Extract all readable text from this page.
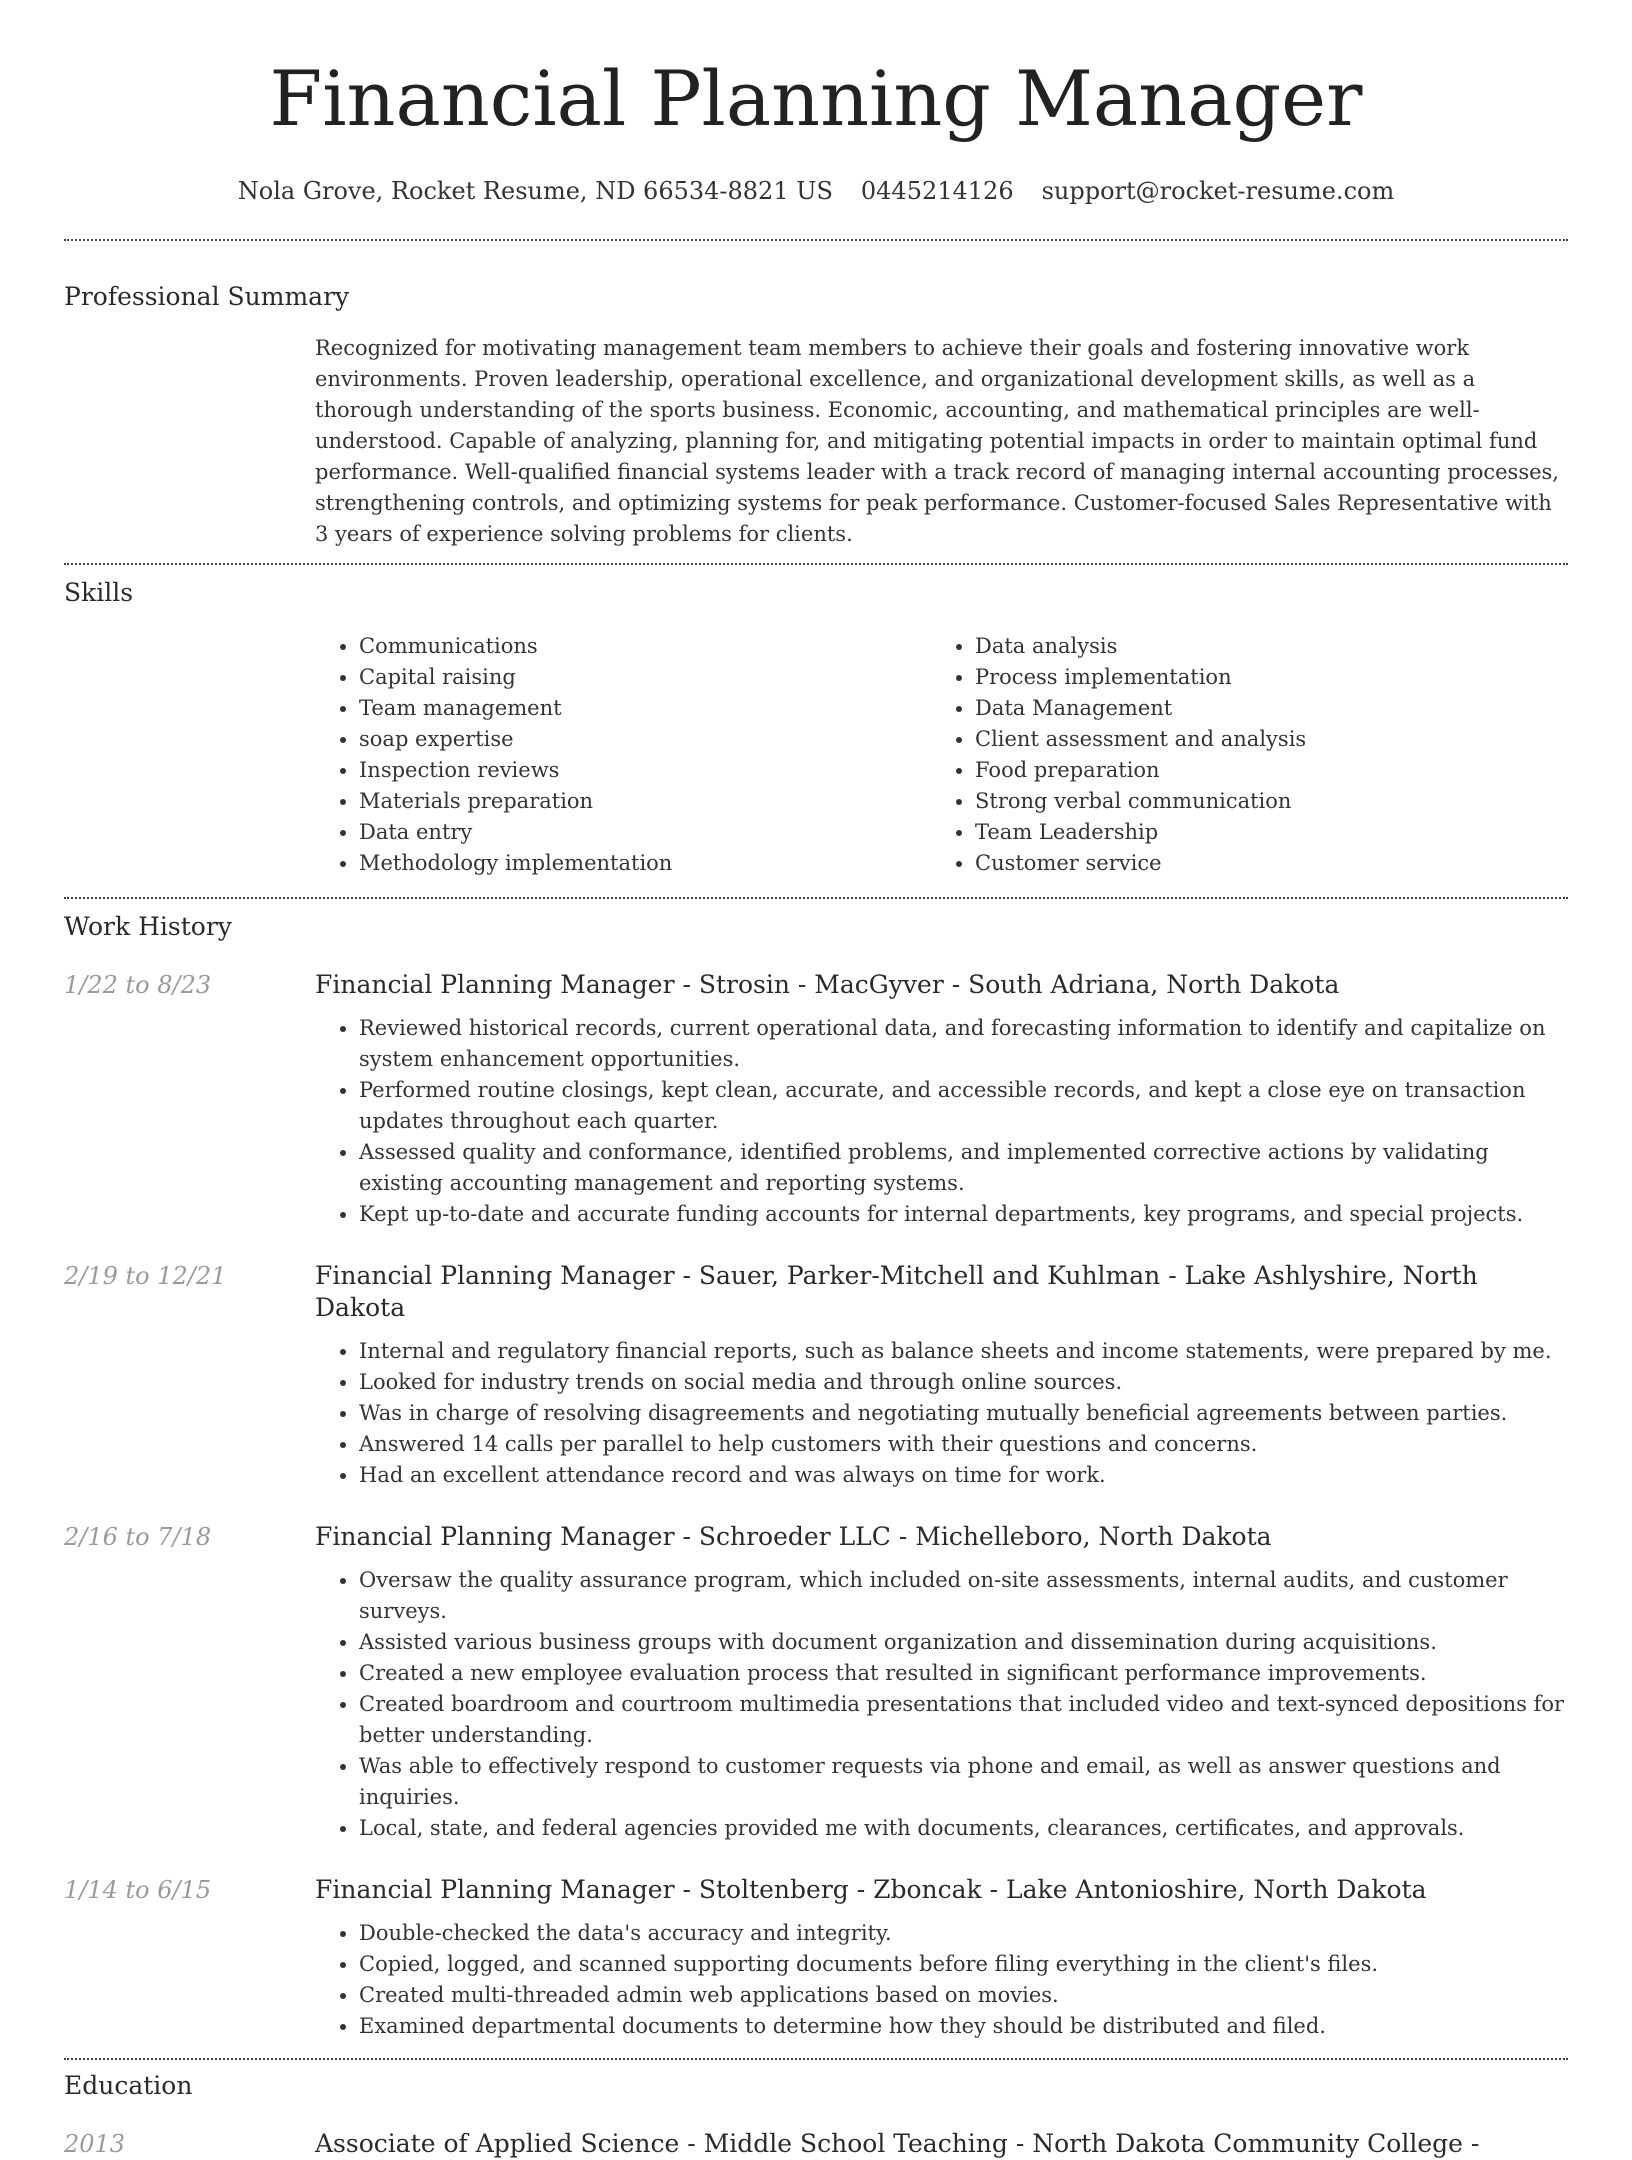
Financial Planning Manager
Nola Grove, Rocket Resume, ND 66534-8821 US 0445214126 support@rocket-resume.com
Professional Summary

Recognized for motivating management team members to achieve their goals and fostering innovative work environments. Proven leadership, operational excellence, and organizational development skills, as well as a thorough understanding of the sports business. Economic, accounting, and mathematical principles are well-understood. Capable of analyzing, planning for, and mitigating potential impacts in order to maintain optimal fund performance. Well-qualified financial systems leader with a track record of managing internal accounting processes, strengthening controls, and optimizing systems for peak performance. Customer-focused Sales Representative with 3 years of experience solving problems for clients.

Skills
• Communications
• Capital raising
• Team management
• soap expertise
• Inspection reviews
• Materials preparation
• Data entry
• Methodology implementation
• Data analysis
• Process implementation
• Data Management
• Client assessment and analysis
• Food preparation
• Strong verbal communication
• Team Leadership
• Customer service
Work History
1/22 to 8/23	Financial Planning Manager - Strosin - MacGyver - South Adriana, North Dakota
• Reviewed historical records, current operational data, and forecasting information to identify and capitalize on system enhancement opportunities.
• Performed routine closings, kept clean, accurate, and accessible records, and kept a close eye on transaction updates throughout each quarter.
• Assessed quality and conformance, identified problems, and implemented corrective actions by validating existing accounting management and reporting systems.
• Kept up-to-date and accurate funding accounts for internal departments, key programs, and special projects.
2/19 to 12/21	Financial Planning Manager - Sauer, Parker-Mitchell and Kuhlman - Lake Ashlyshire, North Dakota
• Internal and regulatory financial reports, such as balance sheets and income statements, were prepared by me.
• Looked for industry trends on social media and through online sources.
• Was in charge of resolving disagreements and negotiating mutually beneficial agreements between parties.
• Answered 14 calls per parallel to help customers with their questions and concerns.
• Had an excellent attendance record and was always on time for work.
2/16 to 7/18	Financial Planning Manager - Schroeder LLC - Michelleboro, North Dakota
• Oversaw the quality assurance program, which included on-site assessments, internal audits, and customer surveys.
• Assisted various business groups with document organization and dissemination during acquisitions.
• Created a new employee evaluation process that resulted in significant performance improvements.
• Created boardroom and courtroom multimedia presentations that included video and text-synced depositions for better understanding.
• Was able to effectively respond to customer requests via phone and email, as well as answer questions and inquiries.
• Local, state, and federal agencies provided me with documents, clearances, certificates, and approvals.
1/14 to 6/15	Financial Planning Manager - Stoltenberg - Zboncak - Lake Antonioshire, North Dakota
• Double-checked the data's accuracy and integrity.
• Copied, logged, and scanned supporting documents before filing everything in the client's files.
• Created multi-threaded admin web applications based on movies.
• Examined departmental documents to determine how they should be distributed and filed.
Education
2013	Associate of Applied Science - Middle School Teaching - North Dakota Community College -
